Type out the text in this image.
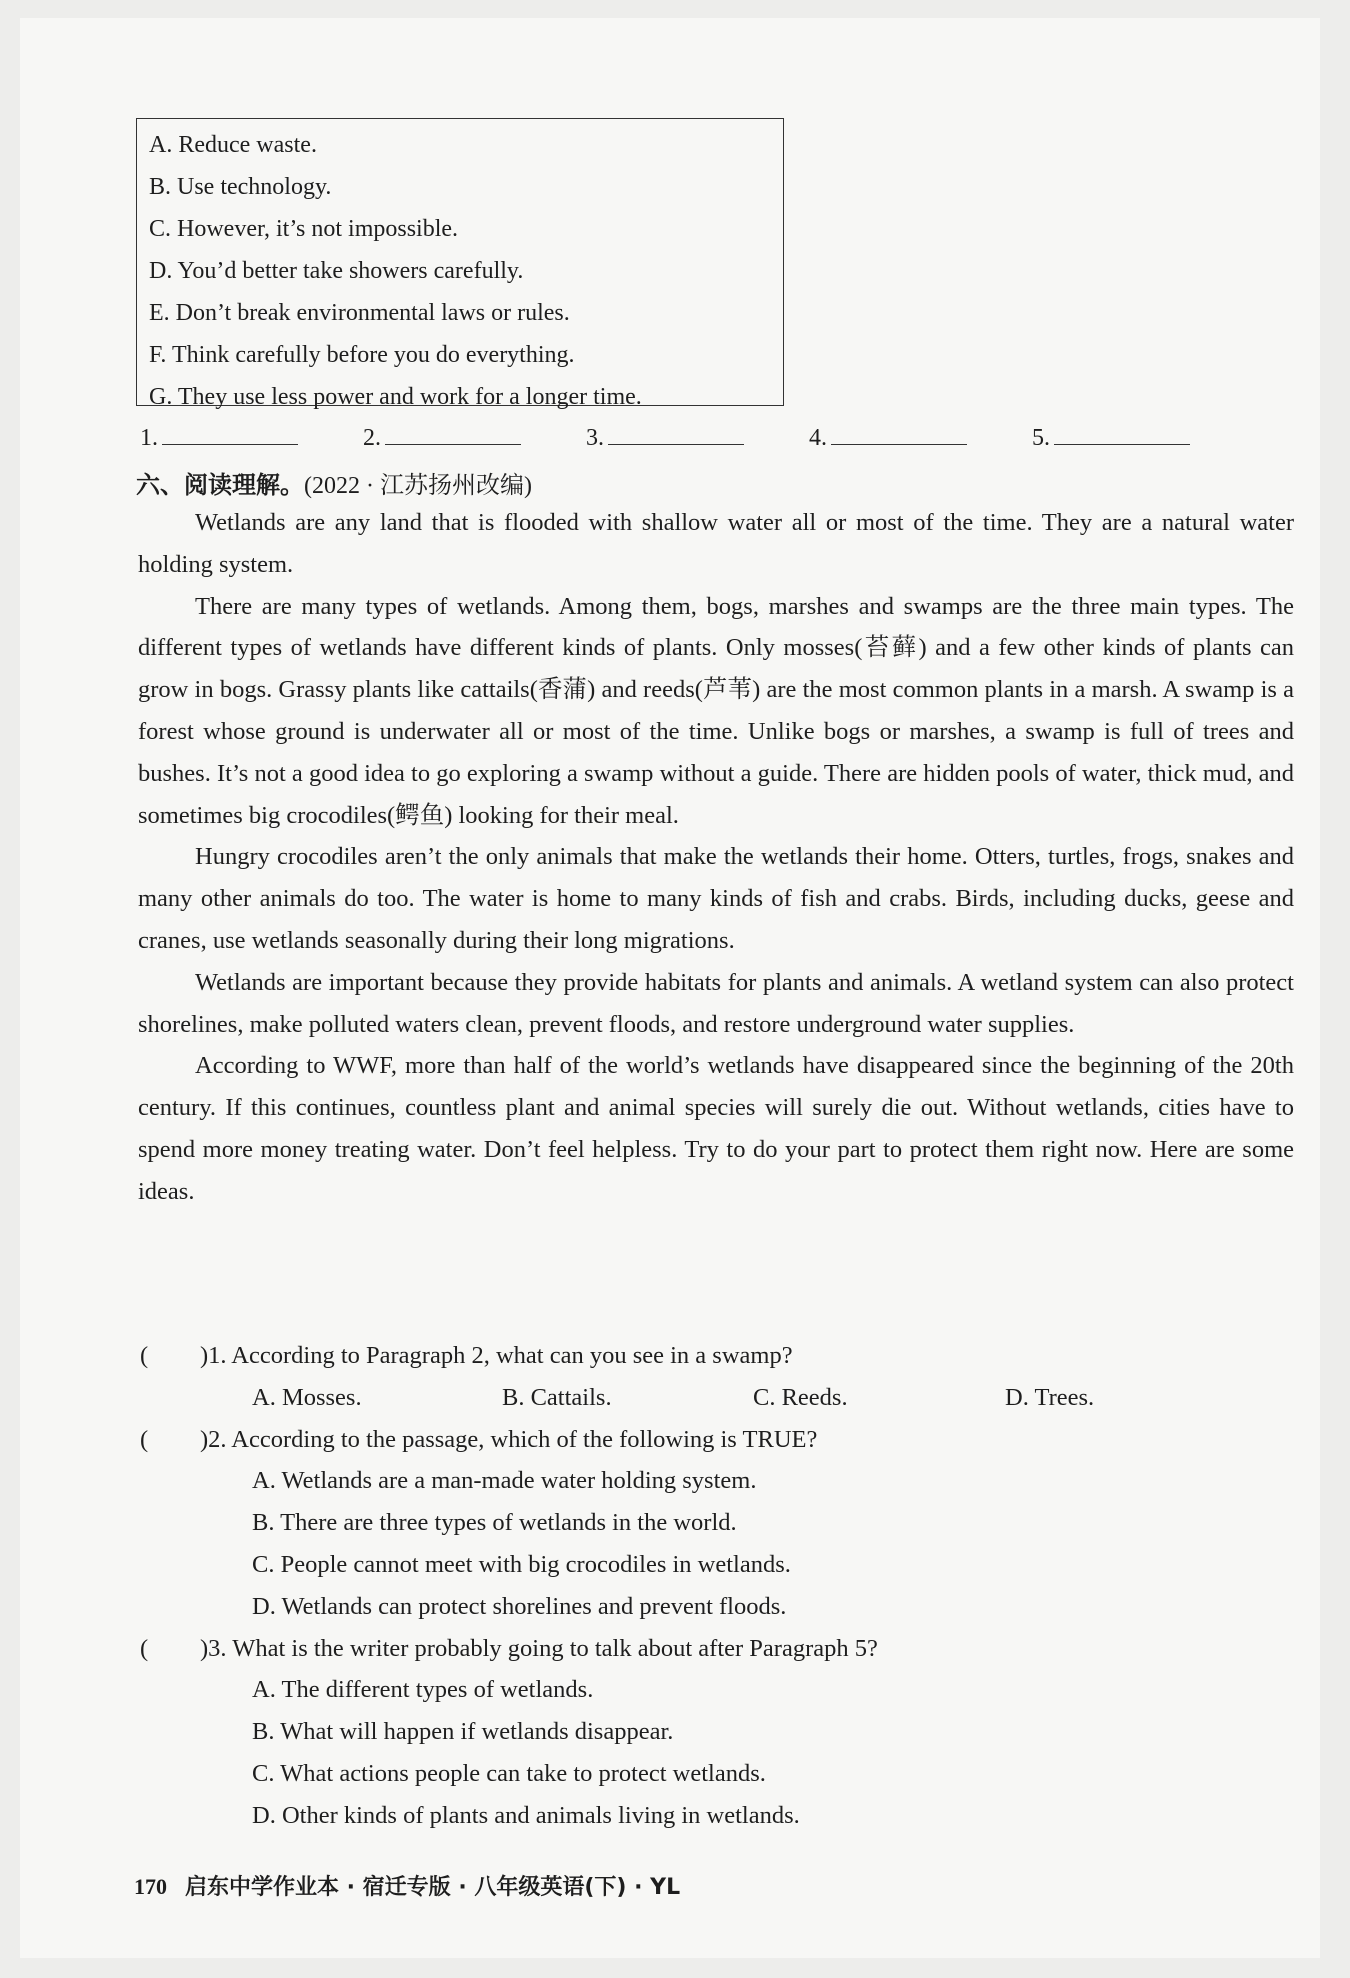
A. Reduce waste.
B. Use technology.
C. However, it’s not impossible.
D. You’d better take showers carefully.
E. Don’t break environmental laws or rules.
F. Think carefully before you do everything.
G. They use less power and work for a longer time.
1.	2.	3.	4.	5.
六、阅读理解。(2022 · 江苏扬州改编)

Wetlands are any land that is flooded with shallow water all or most of the time. They are a natural water holding system.

There are many types of wetlands. Among them, bogs, marshes and swamps are the three main types. The different types of wetlands have different kinds of plants. Only mosses(苔藓) and a few other kinds of plants can grow in bogs. Grassy plants like cattails(香蒲) and reeds(芦苇) are the most common plants in a marsh. A swamp is a forest whose ground is underwater all or most of the time. Unlike bogs or marshes, a swamp is full of trees and bushes. It’s not a good idea to go exploring a swamp without a guide. There are hidden pools of water, thick mud, and sometimes big crocodiles(鳄鱼) looking for their meal.

Hungry crocodiles aren’t the only animals that make the wetlands their home. Otters, turtles, frogs, snakes and many other animals do too. The water is home to many kinds of fish and crabs. Birds, including ducks, geese and cranes, use wetlands seasonally during their long migrations.

Wetlands are important because they provide habitats for plants and animals. A wetland system can also protect shorelines, make polluted waters clean, prevent floods, and restore underground water supplies.

According to WWF, more than half of the world’s wetlands have disappeared since the beginning of the 20th century. If this continues, countless plant and animal species will surely die out. Without wetlands, cities have to spend more money treating water. Don’t feel helpless. Try to do your part to protect them right now. Here are some ideas.

( )1. According to Paragraph 2, what can you see in a swamp?
A. Mosses.	B. Cattails.	C. Reeds.	D. Trees.
( )2. According to the passage, which of the following is TRUE?
A. Wetlands are a man-made water holding system.
B. There are three types of wetlands in the world.
C. People cannot meet with big crocodiles in wetlands.
D. Wetlands can protect shorelines and prevent floods.
( )3. What is the writer probably going to talk about after Paragraph 5?
A. The different types of wetlands.
B. What will happen if wetlands disappear.
C. What actions people can take to protect wetlands.
D. Other kinds of plants and animals living in wetlands.
170 启东中学作业本 · 宿迁专版 · 八年级英语(下) · YL
